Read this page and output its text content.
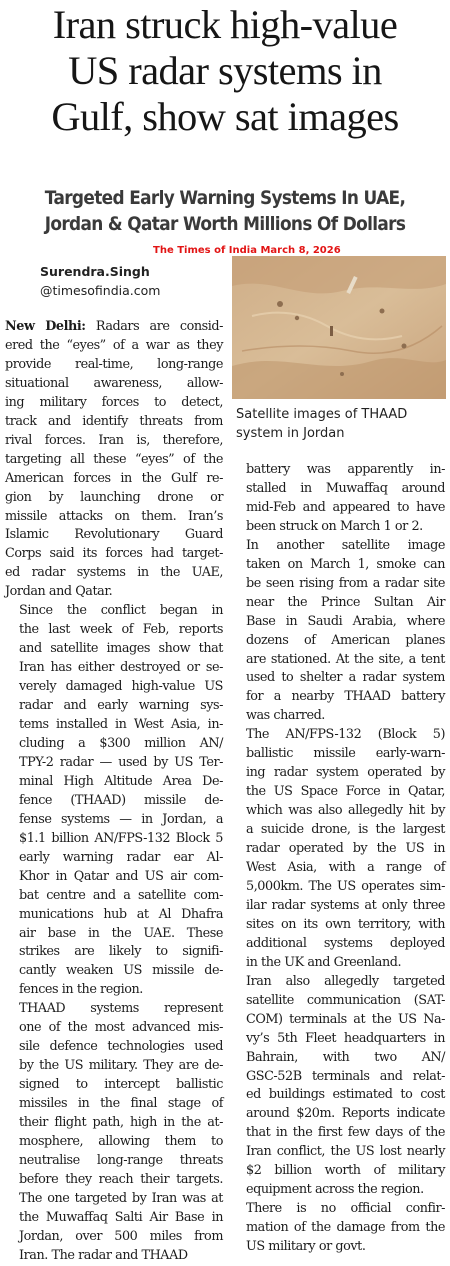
Iran struck high-value
US radar systems in
Gulf, show sat images
Targeted Early Warning Systems In UAE,
Jordan & Qatar Worth Millions Of Dollars
The Times of India March 8, 2026
Surendra.Singh
@timesofindia.com
Satellite images of THAAD
system in Jordan

New Delhi: Radars are consid-
ered the “eyes” of a war as they
provide real-time, long-range
situational awareness, allow-
ing military forces to detect,
track and identify threats from
rival forces. Iran is, therefore,
targeting all these “eyes” of the
American forces in the Gulf re-
gion by launching drone or
missile attacks on them. Iran’s
Islamic Revolutionary Guard
Corps said its forces had target-
ed radar systems in the UAE,
Jordan and Qatar.

Since the conflict began in
the last week of Feb, reports
and satellite images show that
Iran has either destroyed or se-
verely damaged high-value US
radar and early warning sys-
tems installed in West Asia, in-
cluding a $300 million AN/
TPY-2 radar — used by US Ter-
minal High Altitude Area De-
fence (THAAD) missile de-
fense systems — in Jordan, a
$1.1 billion AN/FPS-132 Block 5
early warning radar ear Al-
Khor in Qatar and US air com-
bat centre and a satellite com-
munications hub at Al Dhafra
air base in the UAE. These
strikes are likely to signifi-
cantly weaken US missile de-
fences in the region.

THAAD systems represent
one of the most advanced mis-
sile defence technologies used
by the US military. They are de-
signed to intercept ballistic
missiles in the final stage of
their flight path, high in the at-
mosphere, allowing them to
neutralise long-range threats
before they reach their targets.
The one targeted by Iran was at
the Muwaffaq Salti Air Base in
Jordan, over 500 miles from
Iran. The radar and THAAD

battery was apparently in-
stalled in Muwaffaq around
mid-Feb and appeared to have
been struck on March 1 or 2.

In another satellite image
taken on March 1, smoke can
be seen rising from a radar site
near the Prince Sultan Air
Base in Saudi Arabia, where
dozens of American planes
are stationed. At the site, a tent
used to shelter a radar system
for a nearby THAAD battery
was charred.

The AN/FPS-132 (Block 5)
ballistic missile early-warn-
ing radar system operated by
the US Space Force in Qatar,
which was also allegedly hit by
a suicide drone, is the largest
radar operated by the US in
West Asia, with a range of
5,000km. The US operates sim-
ilar radar systems at only three
sites on its own territory, with
additional systems deployed
in the UK and Greenland.

Iran also allegedly targeted
satellite communication (SAT-
COM) terminals at the US Na-
vy’s 5th Fleet headquarters in
Bahrain, with two AN/
GSC-52B terminals and relat-
ed buildings estimated to cost
around $20m. Reports indicate
that in the first few days of the
Iran conflict, the US lost nearly
$2 billion worth of military
equipment across the region.

There is no official confir-
mation of the damage from the
US military or govt.
